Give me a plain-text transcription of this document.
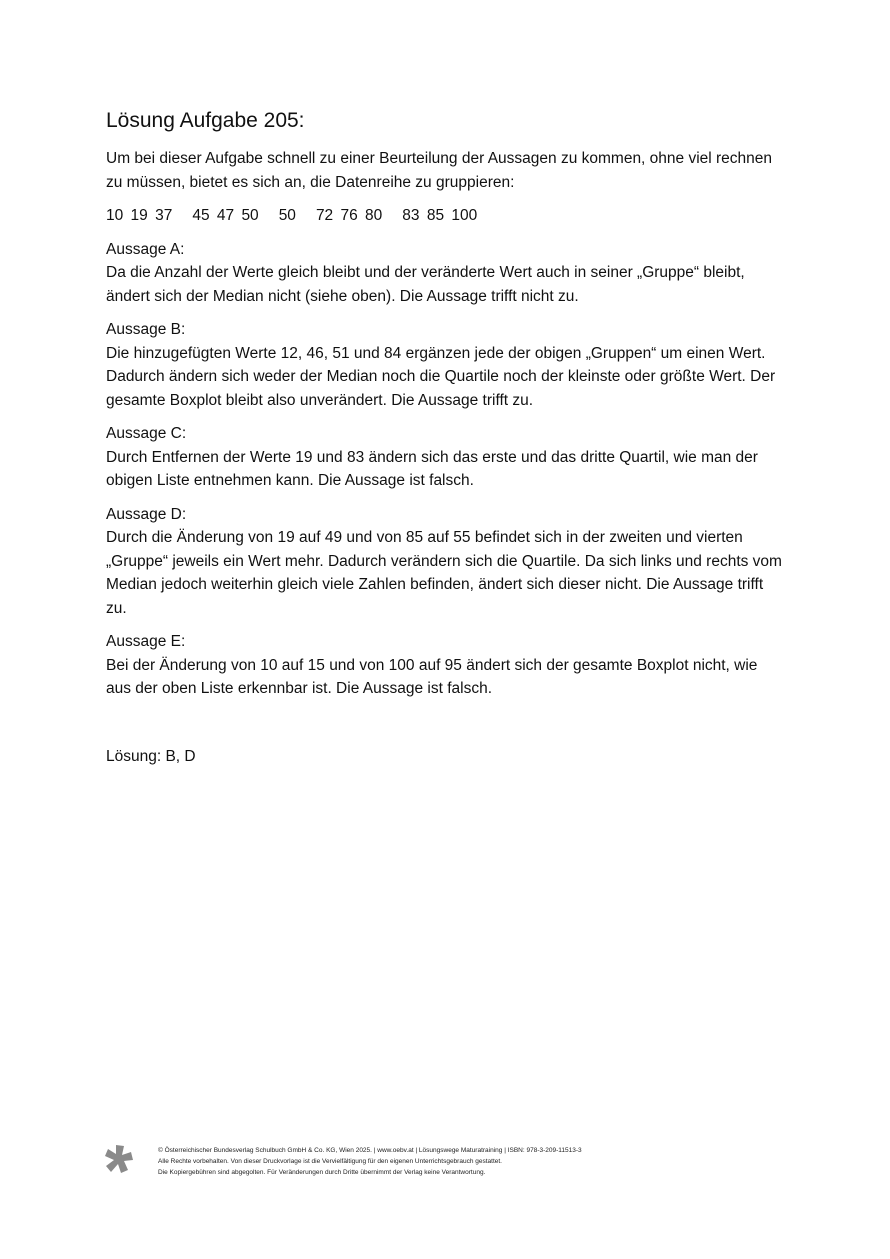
Lösung Aufgabe 205:

Um bei dieser Aufgabe schnell zu einer Beurteilung der Aussagen zu kommen, ohne viel rechnen zu müssen, bietet es sich an, die Datenreihe zu gruppieren:

10 19 37 45 47 50 50 72 76 80 83 85 100

Aussage A:
Da die Anzahl der Werte gleich bleibt und der veränderte Wert auch in seiner „Gruppe“ bleibt, ändert sich der Median nicht (siehe oben). Die Aussage trifft nicht zu.

Aussage B:
Die hinzugefügten Werte 12, 46, 51 und 84 ergänzen jede der obigen „Gruppen“ um einen Wert. Dadurch ändern sich weder der Median noch die Quartile noch der kleinste oder größte Wert. Der gesamte Boxplot bleibt also unverändert. Die Aussage trifft zu.

Aussage C:
Durch Entfernen der Werte 19 und 83 ändern sich das erste und das dritte Quartil, wie man der obigen Liste entnehmen kann. Die Aussage ist falsch.

Aussage D:
Durch die Änderung von 19 auf 49 und von 85 auf 55 befindet sich in der zweiten und vierten „Gruppe“ jeweils ein Wert mehr. Dadurch verändern sich die Quartile. Da sich links und rechts vom Median jedoch weiterhin gleich viele Zahlen befinden, ändert sich dieser nicht. Die Aussage trifft zu.

Aussage E:
Bei der Änderung von 10 auf 15 und von 100 auf 95 ändert sich der gesamte Boxplot nicht, wie aus der oben Liste erkennbar ist. Die Aussage ist falsch.

Lösung: B, D

© Österreichischer Bundesverlag Schulbuch GmbH & Co. KG, Wien 2025. | www.oebv.at | Lösungswege Maturatraining | ISBN: 978-3-209-11513-3
Alle Rechte vorbehalten. Von dieser Druckvorlage ist die Vervielfältigung für den eigenen Unterrichtsgebrauch gestattet.
Die Kopiergebühren sind abgegolten. Für Veränderungen durch Dritte übernimmt der Verlag keine Verantwortung.
